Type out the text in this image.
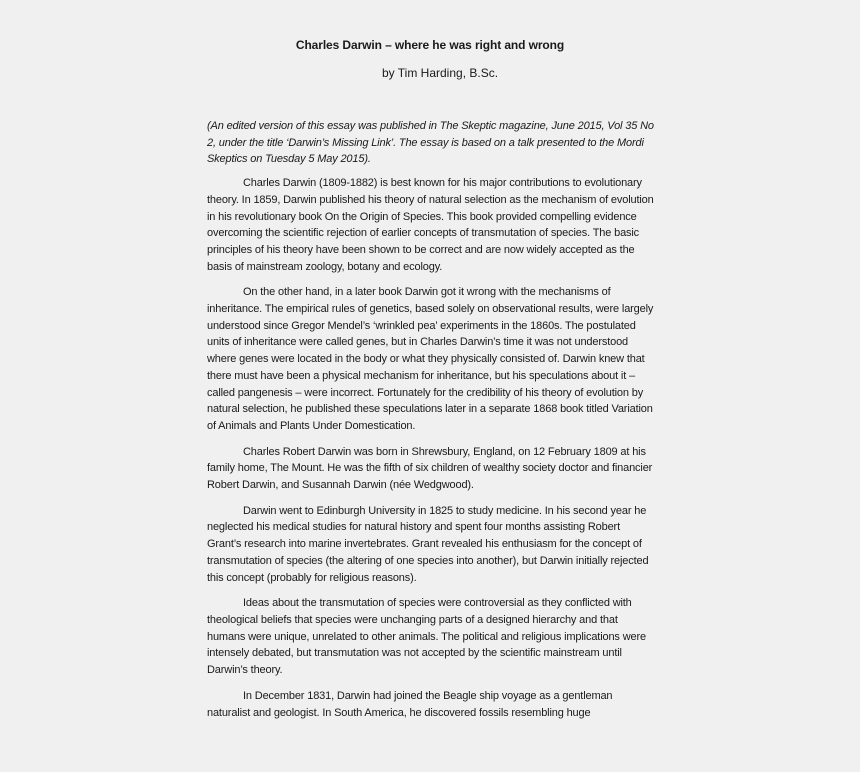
Charles Darwin – where he was right and wrong

by Tim Harding, B.Sc.

(An edited version of this essay was published in The Skeptic magazine, June 2015, Vol 35 No 2, under the title ‘Darwin’s Missing Link’. The essay is based on a talk presented to the Mordi Skeptics on Tuesday 5 May 2015).

Charles Darwin (1809-1882) is best known for his major contributions to evolutionary theory. In 1859, Darwin published his theory of natural selection as the mechanism of evolution in his revolutionary book On the Origin of Species. This book provided compelling evidence overcoming the scientific rejection of earlier concepts of transmutation of species. The basic principles of his theory have been shown to be correct and are now widely accepted as the basis of mainstream zoology, botany and ecology.

On the other hand, in a later book Darwin got it wrong with the mechanisms of inheritance. The empirical rules of genetics, based solely on observational results, were largely understood since Gregor Mendel’s ‘wrinkled pea’ experiments in the 1860s. The postulated units of inheritance were called genes, but in Charles Darwin’s time it was not understood where genes were located in the body or what they physically consisted of. Darwin knew that there must have been a physical mechanism for inheritance, but his speculations about it – called pangenesis – were incorrect. Fortunately for the credibility of his theory of evolution by natural selection, he published these speculations later in a separate 1868 book titled Variation of Animals and Plants Under Domestication.

Charles Robert Darwin was born in Shrewsbury, England, on 12 February 1809 at his family home, The Mount. He was the fifth of six children of wealthy society doctor and financier Robert Darwin, and Susannah Darwin (née Wedgwood).

Darwin went to Edinburgh University in 1825 to study medicine. In his second year he neglected his medical studies for natural history and spent four months assisting Robert Grant’s research into marine invertebrates. Grant revealed his enthusiasm for the concept of transmutation of species (the altering of one species into another), but Darwin initially rejected this concept (probably for religious reasons).

Ideas about the transmutation of species were controversial as they conflicted with theological beliefs that species were unchanging parts of a designed hierarchy and that humans were unique, unrelated to other animals. The political and religious implications were intensely debated, but transmutation was not accepted by the scientific mainstream until Darwin’s theory.

In December 1831, Darwin had joined the Beagle ship voyage as a gentleman naturalist and geologist. In South America, he discovered fossils resembling huge
